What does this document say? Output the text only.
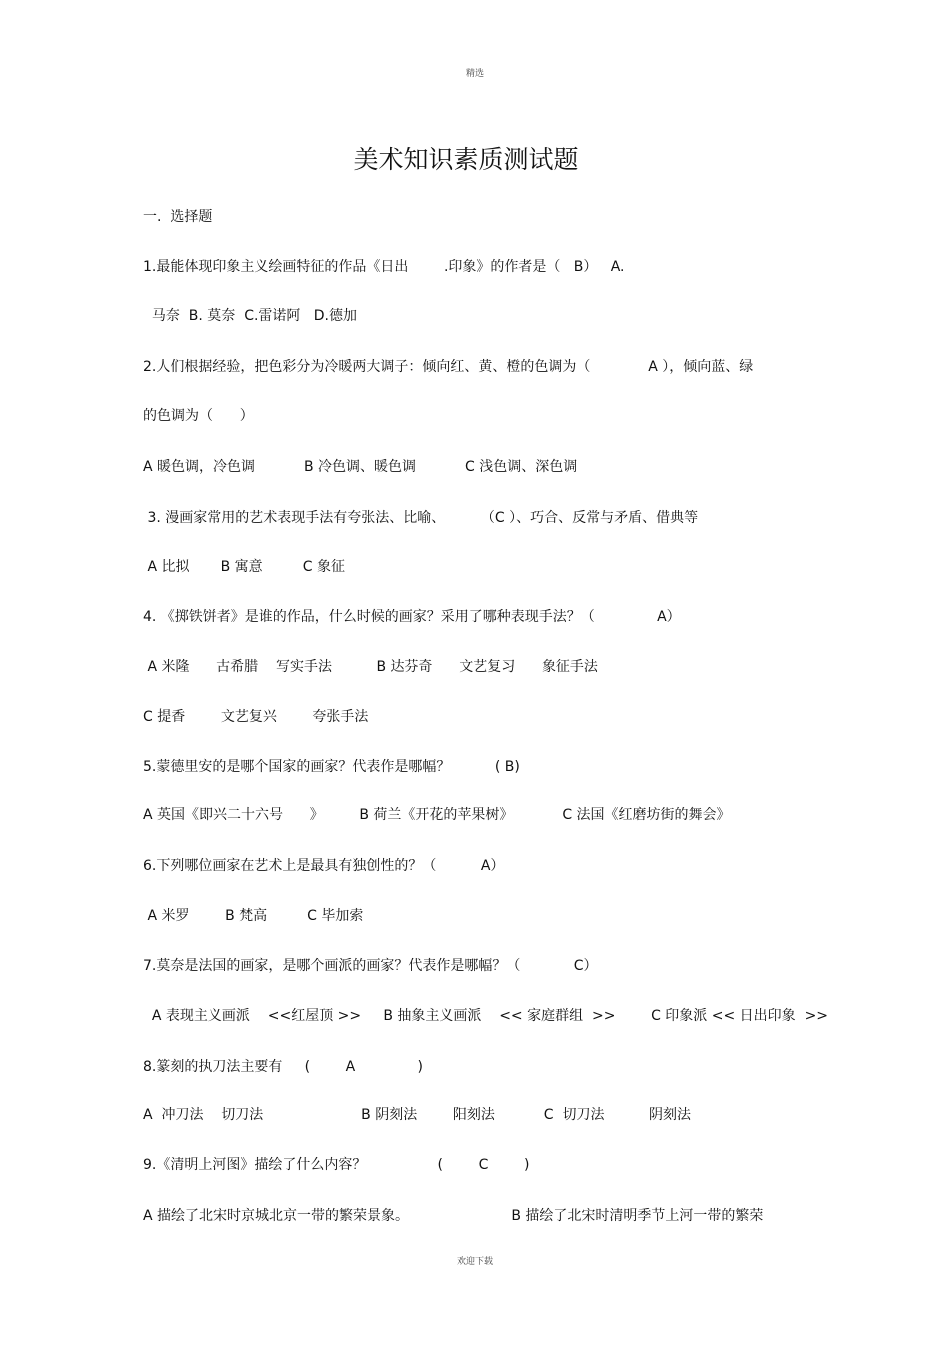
精选
美术知识素质测试题
一.  选择题
1.最能体现印象主义绘画特征的作品《日出        .印象》的作者是（   B）   A.
马奈  B. 莫奈  C.雷诺阿   D.德加
2.人们根据经验，把色彩分为冷暖两大调子：倾向红、黄、橙的色调为（             A ），倾向蓝、绿
的色调为（      ）
A 暖色调，冷色调           B 冷色调、暖色调           C 浅色调、深色调
3. 漫画家常用的艺术表现手法有夸张法、比喻、        （C ）、巧合、反常与矛盾、借典等
A 比拟       B 寓意         C 象征
4. 《掷铁饼者》是谁的作品，什么时候的画家？采用了哪种表现手法？（              A）
A 米隆      古希腊    写实手法          B 达芬奇      文艺复习      象征手法
C 提香        文艺复兴        夸张手法
5.蒙德里安的是哪个国家的画家？代表作是哪幅？          ( B)
A 英国《即兴二十六号      》        B 荷兰《开花的苹果树》           C 法国《红磨坊街的舞会》
6.下列哪位画家在艺术上是最具有独创性的？（          A）
A 米罗        B 梵高         C 毕加索
7.莫奈是法国的画家，是哪个画派的画家？代表作是哪幅？（            C）
A 表现主义画派    <<红屋顶 >>     B 抽象主义画派    << 家庭群组  >>        C 印象派 << 日出印象  >>
8.篆刻的执刀法主要有     (        A              )
A  冲刀法    切刀法                      B 阴刻法        阳刻法           C  切刀法          阴刻法
9.《清明上河图》描绘了什么内容？                (        C        )
A 描绘了北宋时京城北京一带的繁荣景象。                       B 描绘了北宋时清明季节上河一带的繁荣
欢迎下载
